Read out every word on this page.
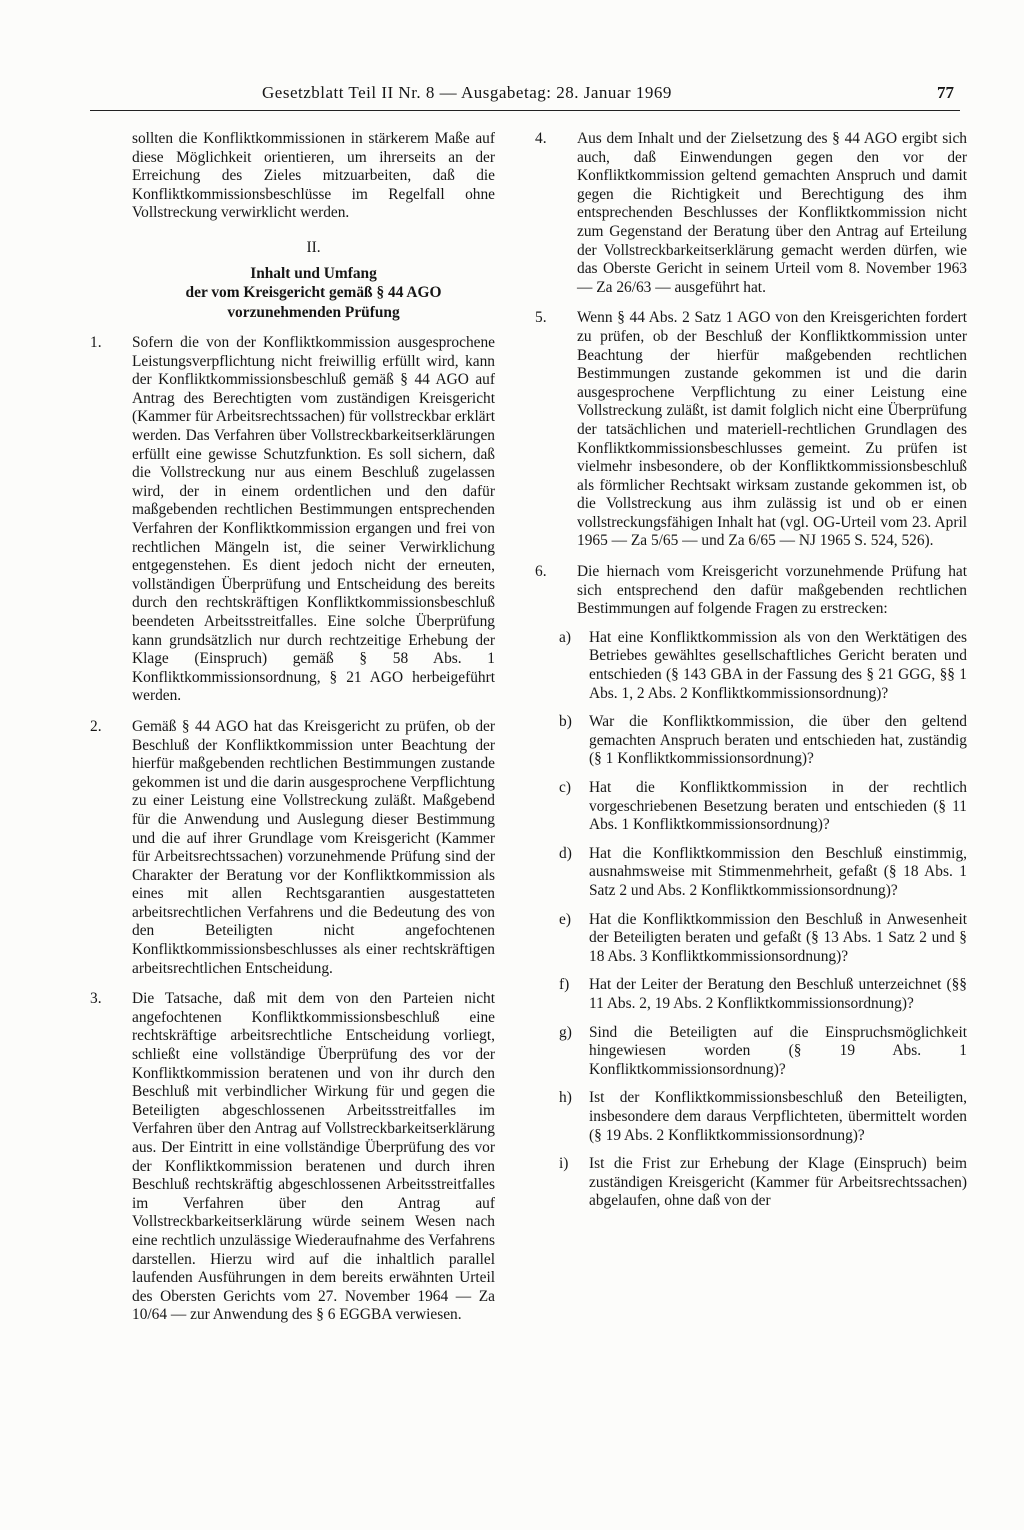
Gesetzblatt Teil II Nr. 8 — Ausgabetag: 28. Januar 1969	77

sollten die Konfliktkommissionen in stärkerem Maße auf diese Möglichkeit orientieren, um ihrerseits an der Erreichung des Zieles mitzuarbeiten, daß die Konfliktkommissionsbeschlüsse im Regelfall ohne Vollstreckung verwirklicht werden.

II.

Inhalt und Umfang
der vom Kreisgericht gemäß § 44 AGO
vorzunehmenden Prüfung
1.	Sofern die von der Konfliktkommission ausgesprochene Leistungsverpflichtung nicht freiwillig erfüllt wird, kann der Konfliktkommissionsbeschluß gemäß § 44 AGO auf Antrag des Berechtigten vom zuständigen Kreisgericht (Kammer für Arbeitsrechtssachen) für vollstreckbar erklärt werden. Das Verfahren über Vollstreckbarkeitserklärungen erfüllt eine gewisse Schutzfunktion. Es soll sichern, daß die Vollstreckung nur aus einem Beschluß zugelassen wird, der in einem ordentlichen und den dafür maßgebenden rechtlichen Bestimmungen entsprechenden Verfahren der Konfliktkommission ergangen und frei von rechtlichen Mängeln ist, die seiner Verwirklichung entgegenstehen. Es dient jedoch nicht der erneuten, vollständigen Überprüfung und Entscheidung des bereits durch den rechtskräftigen Konfliktkommissionsbeschluß beendeten Arbeitsstreitfalles. Eine solche Überprüfung kann grundsätzlich nur durch rechtzeitige Erhebung der Klage (Einspruch) gemäß § 58 Abs. 1 Konfliktkommissionsordnung, § 21 AGO herbeigeführt werden.

2.	Gemäß § 44 AGO hat das Kreisgericht zu prüfen, ob der Beschluß der Konfliktkommission unter Beachtung der hierfür maßgebenden rechtlichen Bestimmungen zustande gekommen ist und die darin ausgesprochene Verpflichtung zu einer Leistung eine Vollstreckung zuläßt. Maßgebend für die Anwendung und Auslegung dieser Bestimmung und die auf ihrer Grundlage vom Kreisgericht (Kammer für Arbeitsrechtssachen) vorzunehmende Prüfung sind der Charakter der Beratung vor der Konfliktkommission als eines mit allen Rechtsgarantien ausgestatteten arbeitsrechtlichen Verfahrens und die Bedeutung des von den Beteiligten nicht angefochtenen Konfliktkommissionsbeschlusses als einer rechtskräftigen arbeitsrechtlichen Entscheidung.

3.	Die Tatsache, daß mit dem von den Parteien nicht angefochtenen Konfliktkommissionsbeschluß eine rechtskräftige arbeitsrechtliche Entscheidung vorliegt, schließt eine vollständige Überprüfung des vor der Konfliktkommission beratenen und von ihr durch den Beschluß mit verbindlicher Wirkung für und gegen die Beteiligten abgeschlossenen Arbeitsstreitfalles im Verfahren über den Antrag auf Vollstreckbarkeitserklärung aus. Der Eintritt in eine vollständige Überprüfung des vor der Konfliktkommission beratenen und durch ihren Beschluß rechtskräftig abgeschlossenen Arbeitsstreitfalles im Verfahren über den Antrag auf Vollstreckbarkeitserklärung würde seinem Wesen nach eine rechtlich unzulässige Wiederaufnahme des Verfahrens darstellen. Hierzu wird auf die inhaltlich parallel laufenden Ausführungen in dem bereits erwähnten Urteil des Obersten Gerichts vom 27. November 1964 — Za 10/64 — zur Anwendung des § 6 EGGBA verwiesen.

4.	Aus dem Inhalt und der Zielsetzung des § 44 AGO ergibt sich auch, daß Einwendungen gegen den vor der Konfliktkommission geltend gemachten Anspruch und damit gegen die Richtigkeit und Berechtigung des ihm entsprechenden Beschlusses der Konfliktkommission nicht zum Gegenstand der Beratung über den Antrag auf Erteilung der Vollstreckbarkeitserklärung gemacht werden dürfen, wie das Oberste Gericht in seinem Urteil vom 8. November 1963 — Za 26/63 — ausgeführt hat.

5.	Wenn § 44 Abs. 2 Satz 1 AGO von den Kreisgerichten fordert zu prüfen, ob der Beschluß der Konfliktkommission unter Beachtung der hierfür maßgebenden rechtlichen Bestimmungen zustande gekommen ist und die darin ausgesprochene Verpflichtung zu einer Leistung eine Vollstreckung zuläßt, ist damit folglich nicht eine Überprüfung der tatsächlichen und materiell-rechtlichen Grundlagen des Konfliktkommissionsbeschlusses gemeint. Zu prüfen ist vielmehr insbesondere, ob der Konfliktkommissionsbeschluß als förmlicher Rechtsakt wirksam zustande gekommen ist, ob die Vollstreckung aus ihm zulässig ist und ob er einen vollstreckungsfähigen Inhalt hat (vgl. OG-Urteil vom 23. April 1965 — Za 5/65 — und Za 6/65 — NJ 1965 S. 524, 526).

6.	Die hiernach vom Kreisgericht vorzunehmende Prüfung hat sich entsprechend den dafür maßgebenden rechtlichen Bestimmungen auf folgende Fragen zu erstrecken:

a)	Hat eine Konfliktkommission als von den Werktätigen des Betriebes gewähltes gesellschaftliches Gericht beraten und entschieden (§ 143 GBA in der Fassung des § 21 GGG, §§ 1 Abs. 1, 2 Abs. 2 Konfliktkommissionsordnung)?

b)	War die Konfliktkommission, die über den geltend gemachten Anspruch beraten und entschieden hat, zuständig (§ 1 Konfliktkommissionsordnung)?

c)	Hat die Konfliktkommission in der rechtlich vorgeschriebenen Besetzung beraten und entschieden (§ 11 Abs. 1 Konfliktkommissionsordnung)?

d)	Hat die Konfliktkommission den Beschluß einstimmig, ausnahmsweise mit Stimmenmehrheit, gefaßt (§ 18 Abs. 1 Satz 2 und Abs. 2 Konfliktkommissionsordnung)?

e)	Hat die Konfliktkommission den Beschluß in Anwesenheit der Beteiligten beraten und gefaßt (§ 13 Abs. 1 Satz 2 und § 18 Abs. 3 Konfliktkommissionsordnung)?

f)	Hat der Leiter der Beratung den Beschluß unterzeichnet (§§ 11 Abs. 2, 19 Abs. 2 Konfliktkommissionsordnung)?

g)	Sind die Beteiligten auf die Einspruchsmöglichkeit hingewiesen worden (§ 19 Abs. 1 Konfliktkommissionsordnung)?

h)	Ist der Konfliktkommissionsbeschluß den Beteiligten, insbesondere dem daraus Verpflichteten, übermittelt worden (§ 19 Abs. 2 Konfliktkommissionsordnung)?

i)	Ist die Frist zur Erhebung der Klage (Einspruch) beim zuständigen Kreisgericht (Kammer für Arbeitsrechtssachen) abgelaufen, ohne daß von der
